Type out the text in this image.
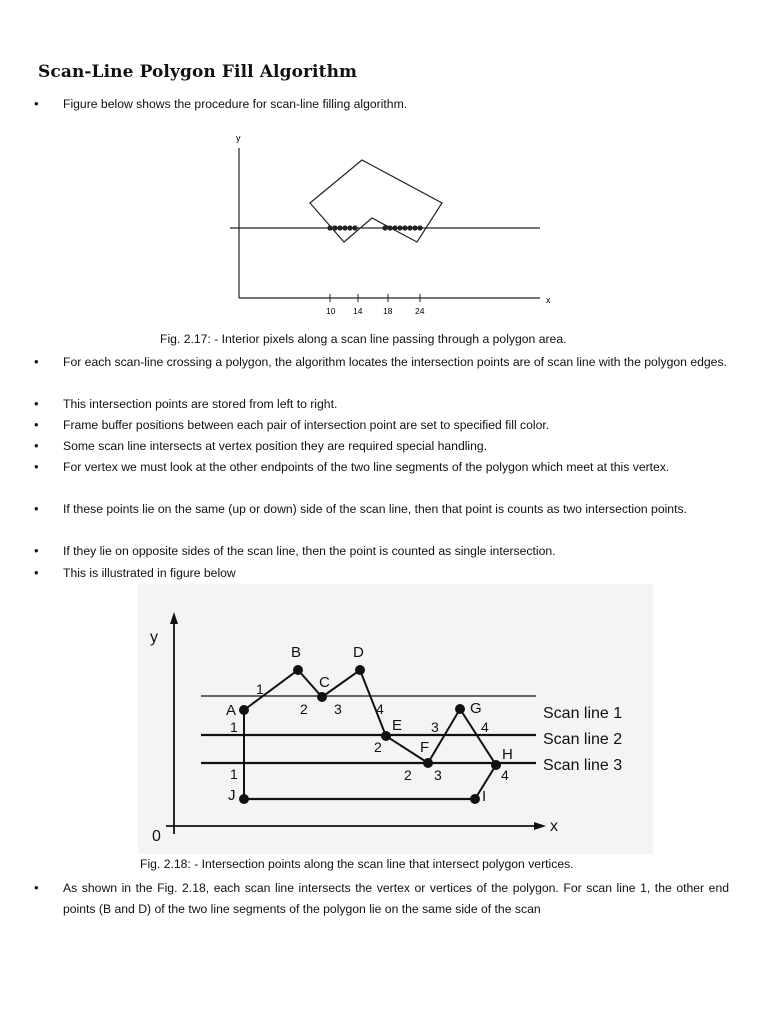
Scan-Line Polygon Fill Algorithm
• Figure below shows the procedure for scan-line filling algorithm.
y
x
10 14 18	24
Fig. 2.17: - Interior pixels along a scan line passing through a polygon area.
• For each scan-line crossing a polygon, the algorithm locates the intersection points are of scan line with the polygon edges.
• This intersection points are stored from left to right.
• Frame buffer positions between each pair of intersection point are set to specified fill color.
• Some scan line intersects at vertex position they are required special handling.
• For vertex we must look at the other endpoints of the two line segments of the polygon which meet at this vertex.
• If these points lie on the same (up or down) side of the scan line, then that point is counts as two intersection points.
• If they lie on opposite sides of the scan line, then the point is counted as single intersection.
• This is illustrated in figure below
y
x
0
A
B
C
D
E
F
G
H
I
J
1
2 3 4
1
2
3	4
1	2 3	4
Scan line 1
Scan line 2
Scan line 3
Fig. 2.18: - Intersection points along the scan line that intersect polygon vertices.
• As shown in the Fig. 2.18, each scan line intersects the vertex or vertices of the polygon. For scan line 1, the other end points (B and D) of the two line segments of the polygon lie on the same side of the scan
